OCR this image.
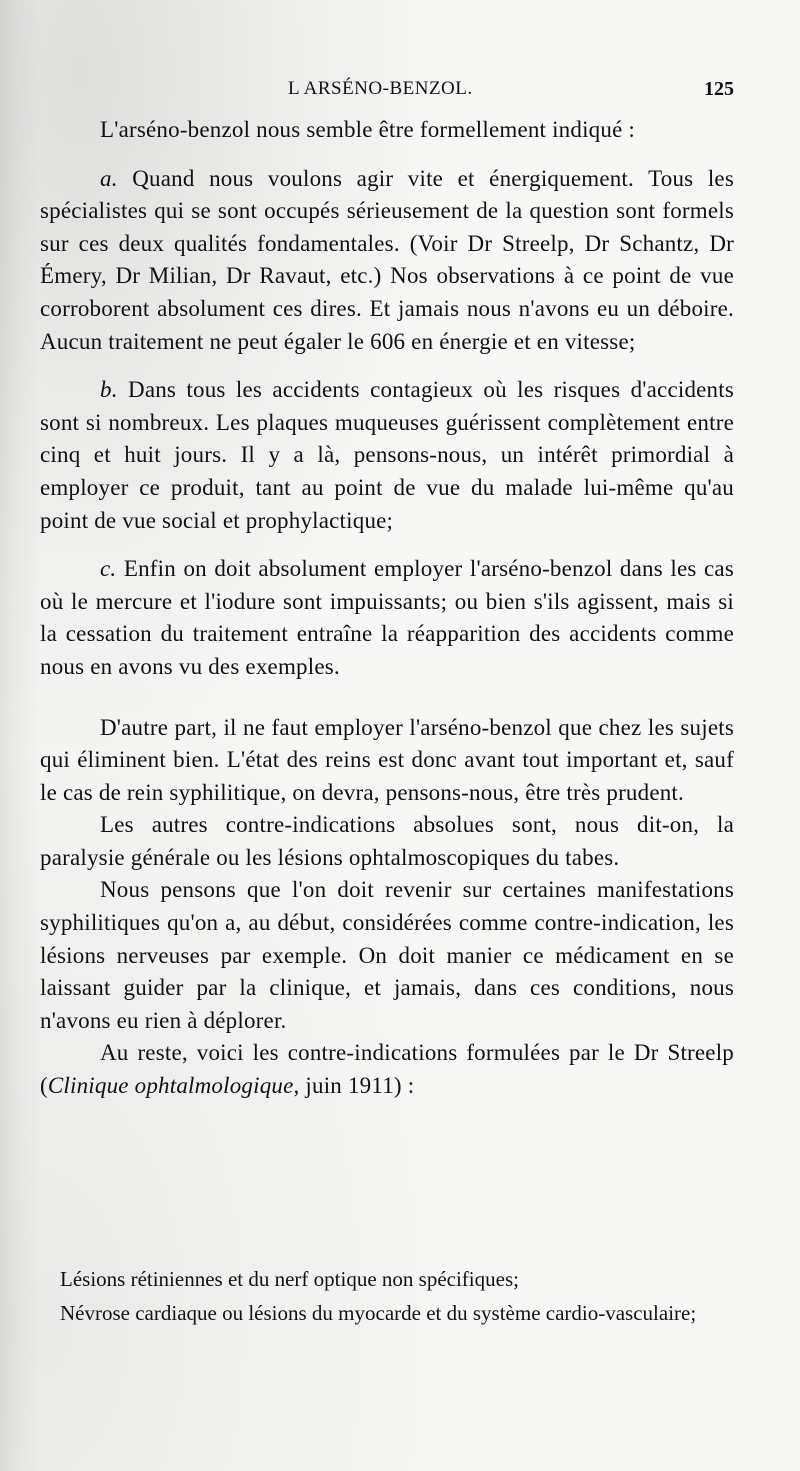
L ARSÉNO-BENZOL.	125

L'arséno-benzol nous semble être formellement indiqué :

a. Quand nous voulons agir vite et énergiquement. Tous les spécialistes qui se sont occupés sérieusement de la question sont formels sur ces deux qualités fondamentales. (Voir Dr Streelp, Dr Schantz, Dr Émery, Dr Milian, Dr Ravaut, etc.) Nos observations à ce point de vue corroborent absolument ces dires. Et jamais nous n'avons eu un déboire. Aucun traitement ne peut égaler le 606 en énergie et en vitesse;

b. Dans tous les accidents contagieux où les risques d'accidents sont si nombreux. Les plaques muqueuses guérissent complètement entre cinq et huit jours. Il y a là, pensons-nous, un intérêt primordial à employer ce produit, tant au point de vue du malade lui-même qu'au point de vue social et prophylactique;

c. Enfin on doit absolument employer l'arséno-benzol dans les cas où le mercure et l'iodure sont impuissants; ou bien s'ils agissent, mais si la cessation du traitement entraîne la réapparition des accidents comme nous en avons vu des exemples.

D'autre part, il ne faut employer l'arséno-benzol que chez les sujets qui éliminent bien. L'état des reins est donc avant tout important et, sauf le cas de rein syphilitique, on devra, pensons-nous, être très prudent.

Les autres contre-indications absolues sont, nous dit-on, la paralysie générale ou les lésions ophtalmoscopiques du tabes.

Nous pensons que l'on doit revenir sur certaines manifestations syphilitiques qu'on a, au début, considérées comme contre-indication, les lésions nerveuses par exemple. On doit manier ce médicament en se laissant guider par la clinique, et jamais, dans ces conditions, nous n'avons eu rien à déplorer.

Au reste, voici les contre-indications formulées par le Dr Streelp (Clinique ophtalmologique, juin 1911) :

Lésions rétiniennes et du nerf optique non spécifiques;

Névrose cardiaque ou lésions du myocarde et du système cardio-vasculaire;
